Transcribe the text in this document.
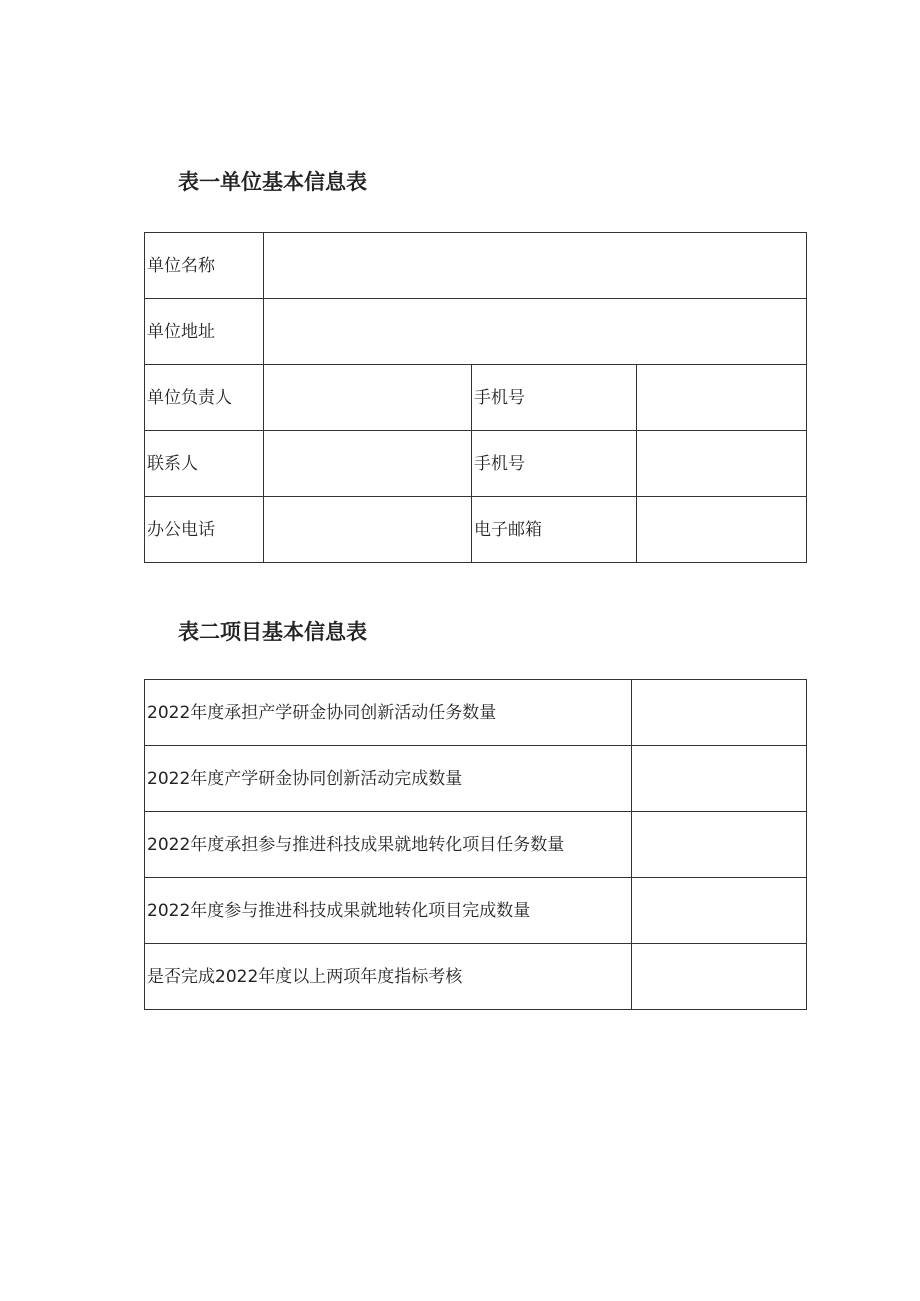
表一单位基本信息表
单位名称			
单位地址			
单位负责人		手机号	
联系人		手机号	
办公电话		电子邮箱	
表二项目基本信息表
2022年度承担产学研金协同创新活动任务数量	
2022年度产学研金协同创新活动完成数量	
2022年度承担参与推进科技成果就地转化项目任务数量	
2022年度参与推进科技成果就地转化项目完成数量	
是否完成2022年度以上两项年度指标考核	
